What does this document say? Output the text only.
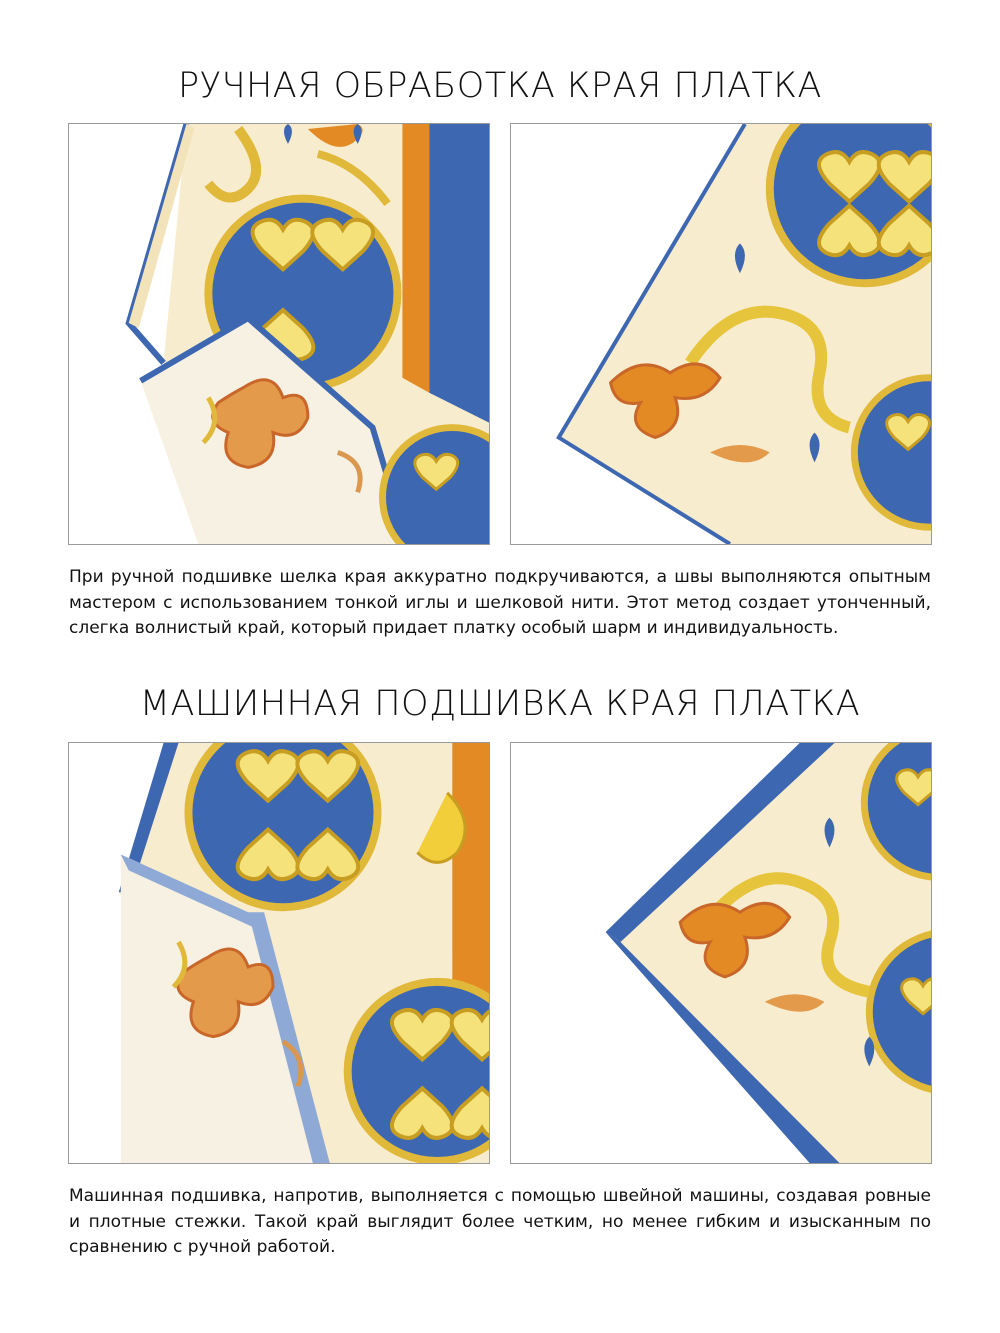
РУЧНАЯ ОБРАБОТКА КРАЯ ПЛАТКА
При ручной подшивке шелка края аккуратно подкручиваются, а швы выполняются опытным мастером с использованием тонкой иглы и шелковой нити. Этот метод создает утонченный, слегка волнистый край, который придает платку особый шарм и индивидуальность.
МАШИННАЯ ПОДШИВКА КРАЯ ПЛАТКА
Машинная подшивка, напротив, выполняется с помощью швейной машины, создавая ровные и плотные стежки. Такой край выглядит более четким, но менее гибким и изысканным по сравнению с ручной работой.
